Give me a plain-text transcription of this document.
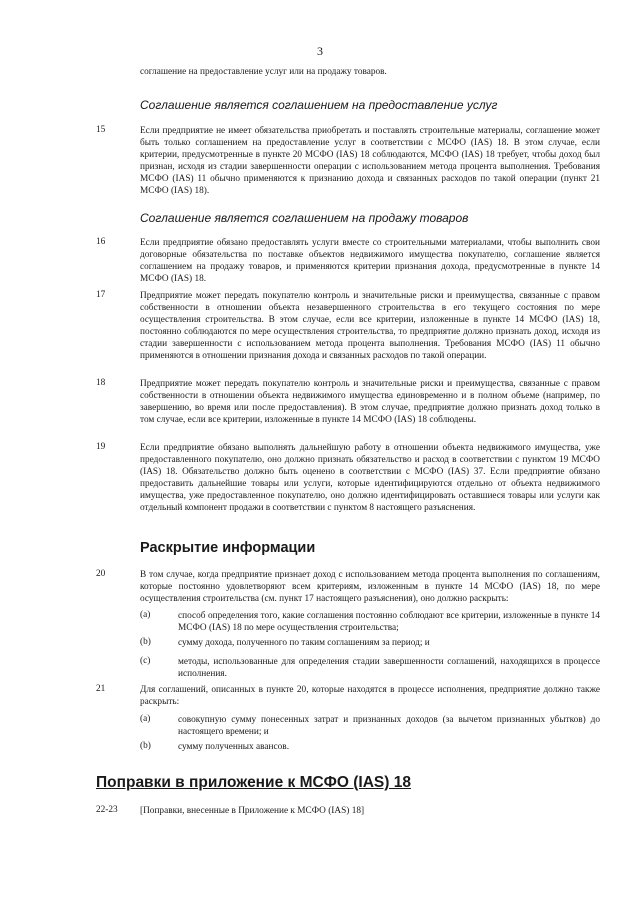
3
соглашение на предоставление услуг или на продажу товаров.
Соглашение является соглашением на предоставление услуг
15	Если предприятие не имеет обязательства приобретать и поставлять строительные материалы, соглашение может быть только соглашением на предоставление услуг в соответствии с МСФО (IAS) 18. В этом случае, если критерии, предусмотренные в пункте 20 МСФО (IAS) 18 соблюдаются, МСФО (IAS) 18 требует, чтобы доход был признан, исходя из стадии завершенности операции с использованием метода процента выполнения. Требования МСФО (IAS) 11 обычно применяются к признанию дохода и связанных расходов по такой операции (пункт 21 МСФО (IAS) 18).
Соглашение является соглашением на продажу товаров
16	Если предприятие обязано предоставлять услуги вместе со строительными материалами, чтобы выполнить свои договорные обязательства по поставке объектов недвижимого имущества покупателю, соглашение является соглашением на продажу товаров, и применяются критерии признания дохода, предусмотренные в пункте 14 МСФО (IAS) 18.
17	Предприятие может передать покупателю контроль и значительные риски и преимущества, связанные с правом собственности в отношении объекта незавершенного строительства в его текущего состояния по мере осуществления строительства. В этом случае, если все критерии, изложенные в пункте 14 МСФО (IAS) 18, постоянно соблюдаются по мере осуществления строительства, то предприятие должно признать доход, исходя из стадии завершенности с использованием метода процента выполнения. Требования МСФО (IAS) 11 обычно применяются в отношении признания дохода и связанных расходов по такой операции.
18	Предприятие может передать покупателю контроль и значительные риски и преимущества, связанные с правом собственности в отношении объекта недвижимого имущества единовременно и в полном объеме (например, по завершению, во время или после предоставления). В этом случае, предприятие должно признать доход только в том случае, если все критерии, изложенные в пункте 14 МСФО (IAS) 18 соблюдены.
19	Если предприятие обязано выполнять дальнейшую работу в отношении объекта недвижимого имущества, уже предоставленного покупателю, оно должно признать обязательство и расход в соответствии с пунктом 19 МСФО (IAS) 18. Обязательство должно быть оценено в соответствии с МСФО (IAS) 37. Если предприятие обязано предоставить дальнейшие товары или услуги, которые идентифицируются отдельно от объекта недвижимого имущества, уже предоставленное покупателю, оно должно идентифицировать оставшиеся товары или услуги как отдельный компонент продажи в соответствии с пунктом 8 настоящего разъяснения.
Раскрытие информации
20	В том случае, когда предприятие признает доход с использованием метода процента выполнения по соглашениям, которые постоянно удовлетворяют всем критериям, изложенным в пункте 14 МСФО (IAS) 18, по мере осуществления строительства (см. пункт 17 настоящего разъяснения), оно должно раскрыть:
(a)	способ определения того, какие соглашения постоянно соблюдают все критерии, изложенные в пункте 14 МСФО (IAS) 18 по мере осуществления строительства;
(b)	сумму дохода, полученного по таким соглашениям за период; и
(c)	методы, использованные для определения стадии завершенности соглашений, находящихся в процессе исполнения.
21	Для соглашений, описанных в пункте 20, которые находятся в процессе исполнения, предприятие должно также раскрыть:
(a)	совокупную сумму понесенных затрат и признанных доходов (за вычетом признанных убытков) до настоящего времени; и
(b)	сумму полученных авансов.
Поправки в приложение к МСФО (IAS) 18
22-23 [Поправки, внесенные в Приложение к МСФО (IAS) 18]
